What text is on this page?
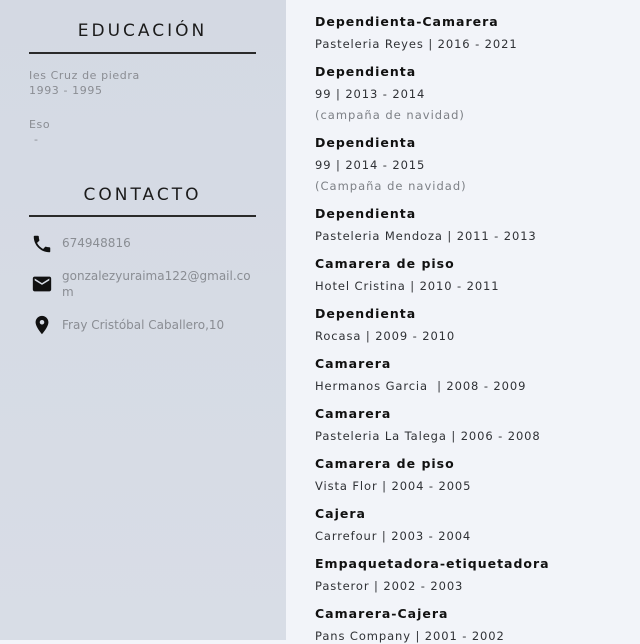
EDUCACIÓN
Ies Cruz de piedra
1993 - 1995
Eso
-
CONTACTO
674948816
gonzalezyuraima122@gmail.com
Fray Cristóbal Caballero,10
Dependienta-Camarera
Pasteleria Reyes | 2016 - 2021
Dependienta
99 | 2013 - 2014
(campaña de navidad)
Dependienta
99 | 2014 - 2015
(Campaña de navidad)
Dependienta
Pasteleria Mendoza | 2011 - 2013
Camarera de piso
Hotel Cristina | 2010 - 2011
Dependienta
Rocasa | 2009 - 2010
Camarera
Hermanos Garcia  | 2008 - 2009
Camarera
Pasteleria La Talega | 2006 - 2008
Camarera de piso
Vista Flor | 2004 - 2005
Cajera
Carrefour | 2003 - 2004
Empaquetadora-etiquetadora
Pasteror | 2002 - 2003
Camarera-Cajera
Pans Company | 2001 - 2002
